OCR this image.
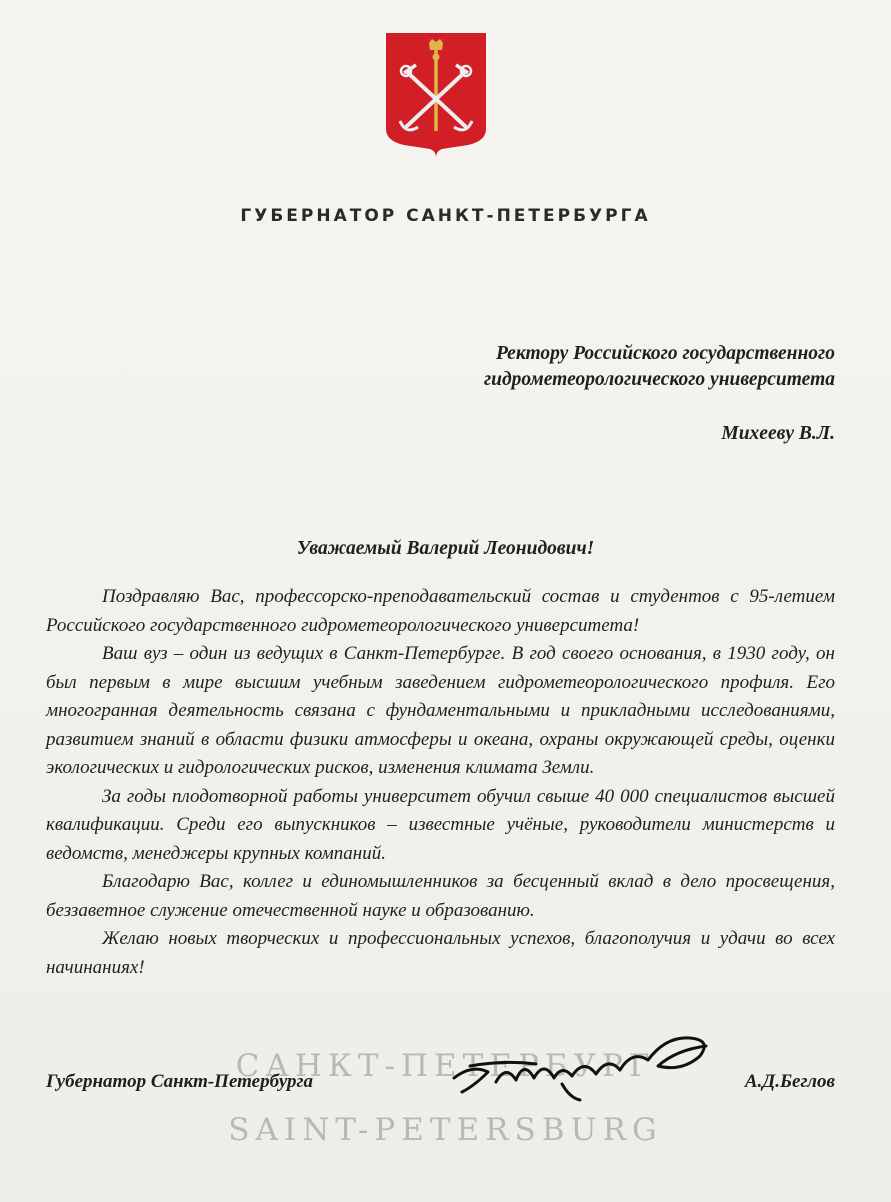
ГУБЕРНАТОР САНКТ-ПЕТЕРБУРГА
Ректору Российского государственного
гидрометеорологического университета
Михееву В.Л.
Уважаемый Валерий Леонидович!

Поздравляю Вас, профессорско-преподавательский состав и студентов с 95-летием Российского государственного гидрометеорологического университета!

Ваш вуз – один из ведущих в Санкт-Петербурге. В год своего основания, в 1930 году, он был первым в мире высшим учебным заведением гидрометеорологического профиля. Его многогранная деятельность связана с фундаментальными и прикладными исследованиями, развитием знаний в области физики атмосферы и океана, охраны окружающей среды, оценки экологических и гидрологических рисков, изменения климата Земли.

За годы плодотворной работы университет обучил свыше 40 000 специалистов высшей квалификации. Среди его выпускников – известные учёные, руководители министерств и ведомств, менеджеры крупных компаний.

Благодарю Вас, коллег и единомышленников за бесценный вклад в дело просвещения, беззаветное служение отечественной науке и образованию.

Желаю новых творческих и профессиональных успехов, благополучия и удачи во всех начинаниях!

САНКТ-ПЕТЕРБУРГ
SAINT-PETERSBURG
Губернатор Санкт-Петербурга	А.Д.Беглов
